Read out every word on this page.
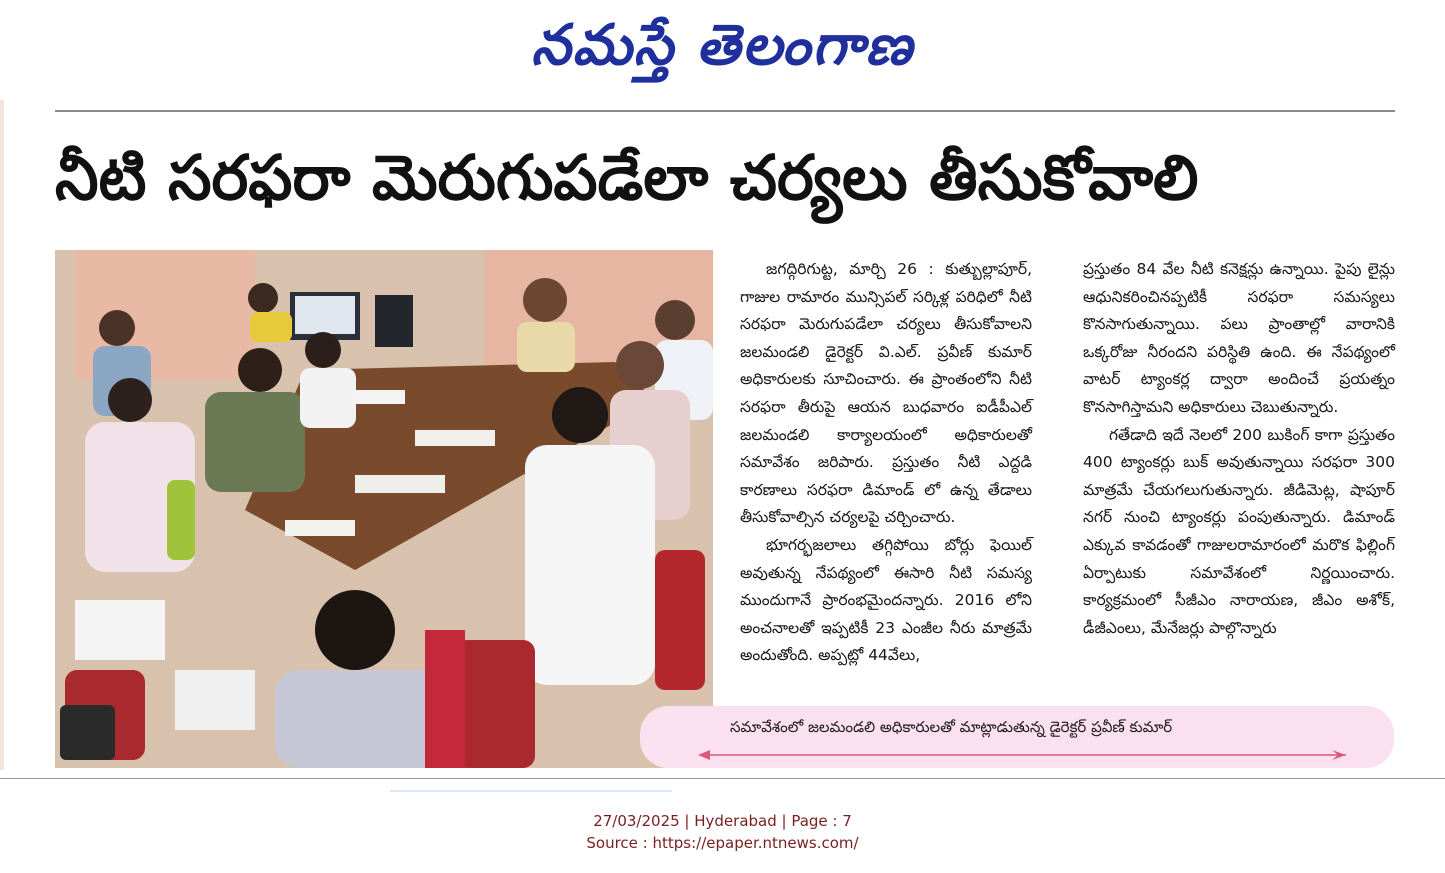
నమస్తే తెలంగాణ
నీటి సరఫరా మెరుగుపడేలా చర్యలు తీసుకోవాలి

జగద్గిరిగుట్ట, మార్చి 26 : కుత్బుల్లాపూర్, గాజుల రామారం మున్సిపల్ సర్కిళ్ల పరిధిలో నీటి సరఫరా మెరుగుపడేలా చర్యలు తీసుకోవాలని జలమండలి డైరెక్టర్ వి.ఎల్. ప్రవీణ్ కుమార్ అధికారులకు సూచించారు. ఈ ప్రాంతంలోని నీటి సరఫరా తీరుపై ఆయన బుధవారం ఐడీపీఎల్ జలమండలి కార్యాలయంలో అధికారులతో సమావేశం జరిపారు. ప్రస్తుతం నీటి ఎద్దడి కారణాలు సరఫరా డిమాండ్ లో ఉన్న తేడాలు తీసుకోవాల్సిన చర్యలపై చర్చించారు.

భూగర్భజలాలు తగ్గిపోయి బోర్లు ఫెయిల్ అవుతున్న నేపథ్యంలో ఈసారి నీటి సమస్య ముందుగానే ప్రారంభమైందన్నారు. 2016 లోని అంచనాలతో ఇప్పటికీ 23 ఎంజీల నీరు మాత్రమే అందుతోంది. అప్పట్లో 44వేలు,

ప్రస్తుతం 84 వేల నీటి కనెక్షన్లు ఉన్నాయి. పైపు లైన్లు ఆధునికరించినప్పటికీ సరఫరా సమస్యలు కొనసాగుతున్నాయి. పలు ప్రాంతాల్లో వారానికి ఒక్కరోజు నీరందని పరిస్థితి ఉంది. ఈ నేపథ్యంలో వాటర్ ట్యాంకర్ల ద్వారా అందించే ప్రయత్నం కొనసాగిస్తామని అధికారులు చెబుతున్నారు.

గతేడాది ఇదే నెలలో 200 బుకింగ్ కాగా ప్రస్తుతం 400 ట్యాంకర్లు బుక్ అవుతున్నాయి సరఫరా 300 మాత్రమే చేయగలుగుతున్నారు. జీడిమెట్ల, షాపూర్ నగర్ నుంచి ట్యాంకర్లు పంపుతున్నారు. డిమాండ్ ఎక్కువ కావడంతో గాజులరామారంలో మరొక ఫిల్లింగ్ ఏర్పాటుకు సమావేశంలో నిర్ణయించారు. కార్యక్రమంలో సీజీఎం నారాయణ, జీఎం అశోక్, డీజీఎంలు, మేనేజర్లు పాల్గొన్నారు

సమావేశంలో జలమండలి అధికారులతో మాట్లాడుతున్న డైరెక్టర్ ప్రవీణ్ కుమార్
27/03/2025 | Hyderabad | Page : 7
Source : https://epaper.ntnews.com/
